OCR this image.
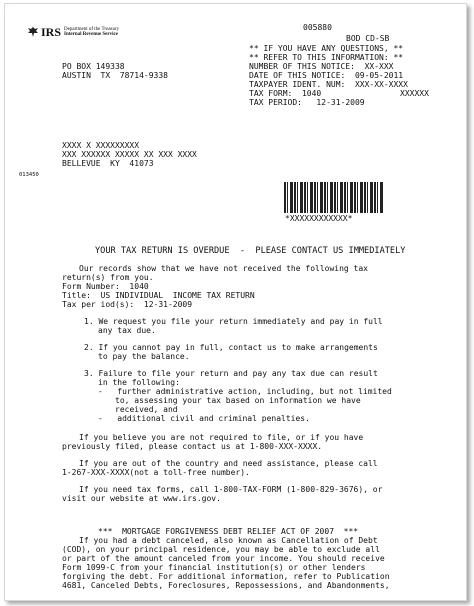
IRS Department of the Treasury
Internal Revenue Service
005880
BOD CD-SB
** IF YOU HAVE ANY QUESTIONS, **
** REFER TO THIS INFORMATION: **
NUMBER OF THIS NOTICE:  XX-XXX
DATE OF THIS NOTICE:  09-05-2011
TAXPAYER IDENT. NUM:  XXX-XX-XXXX
TAX FORM:  1040	XXXXXX
TAX PERIOD:   12-31-2009
PO BOX 149338
AUSTIN  TX  78714-9338
XXXX X XXXXXXXXX
XXX XXXXXX XXXXX XX XXX XXXX
BELLEVUE  KY  41073
013450
*XXXXXXXXXXXX*
YOUR TAX RETURN IS OVERDUE  -  PLEASE CONTACT US IMMEDIATELY
Our records show that we have not received the following tax
return(s) from you.
Form Number:  1040
Title:  US INDIVIDUAL  INCOME TAX RETURN
Tax per iod(s):  12-31-2009
1. We request you file your return immediately and pay in full
any tax due.
2. If you cannot pay in full, contact us to make arrangements
to pay the balance.
3. Failure to file your return and pay any tax due can result
in the following:
-   further administrative action, including, but not limited
to, assessing your tax based on information we have
received, and
-   additional civil and criminal penalties.
If you believe you are not required to file, or if you have
previously filed, please contact us at 1-800-XXX-XXXX.
If you are out of the country and need assistance, please call
1-267-XXX-XXXX(not a toll-free number).
If you need tax forms, call 1-800-TAX-FORM (1-800-829-3676), or
visit our website at www.irs.gov.
***  MORTGAGE FORGIVENESS DEBT RELIEF ACT OF 2007  ***
If you had a debt canceled, also known as Cancellation of Debt
(COD), on your principal residence, you may be able to exclude all
or part of the amount canceled from your income. You should receive
Form 1099-C from your financial institution(s) or other lenders
forgiving the debt. For additional information, refer to Publication
4681, Canceled Debts, Foreclosures, Repossessions, and Abandonments,
